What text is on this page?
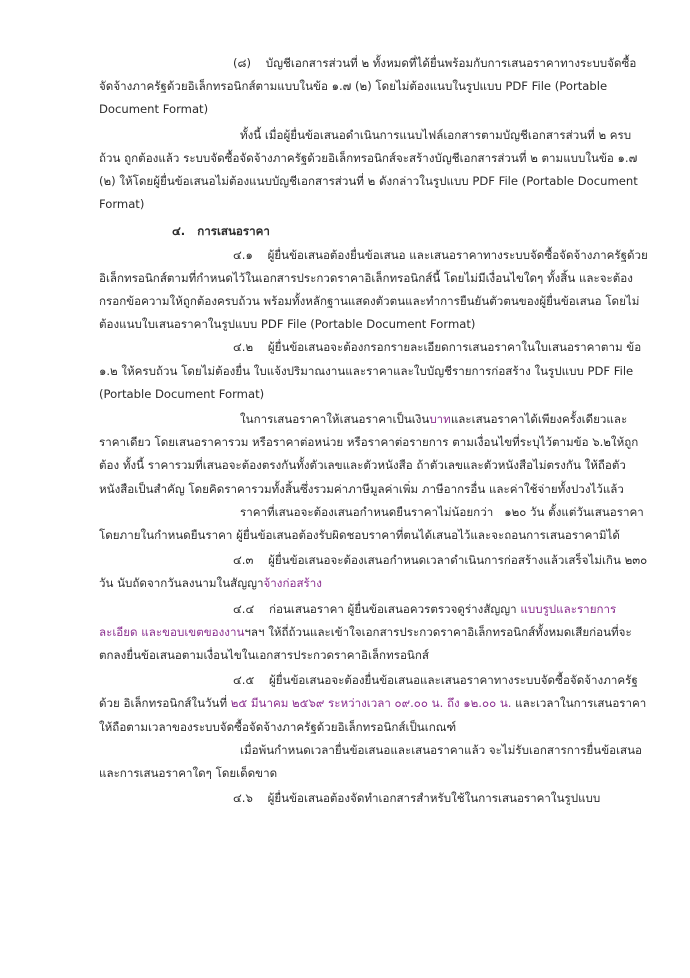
(๘) บัญชีเอกสารส่วนที่ ๒ ทั้งหมดที่ได้ยื่นพร้อมกับการเสนอราคาทางระบบจัดซื้อจัดจ้างภาครัฐด้วยอิเล็กทรอนิกส์ตามแบบในข้อ ๑.๗ (๒) โดยไม่ต้องแนบในรูปแบบ PDF File (Portable Document Format)

ทั้งนี้ เมื่อผู้ยื่นข้อเสนอดำเนินการแนบไฟล์เอกสารตามบัญชีเอกสารส่วนที่ ๒ ครบถ้วน ถูกต้องแล้ว ระบบจัดซื้อจัดจ้างภาครัฐด้วยอิเล็กทรอนิกส์จะสร้างบัญชีเอกสารส่วนที่ ๒ ตามแบบในข้อ ๑.๗ (๒) ให้โดยผู้ยื่นข้อเสนอไม่ต้องแนบบัญชีเอกสารส่วนที่ ๒ ดังกล่าวในรูปแบบ PDF File (Portable Document Format)

๔. การเสนอราคา

๔.๑ ผู้ยื่นข้อเสนอต้องยื่นข้อเสนอ และเสนอราคาทางระบบจัดซื้อจัดจ้างภาครัฐด้วยอิเล็กทรอนิกส์ตามที่กำหนดไว้ในเอกสารประกวดราคาอิเล็กทรอนิกส์นี้ โดยไม่มีเงื่อนไขใดๆ ทั้งสิ้น และจะต้องกรอกข้อความให้ถูกต้องครบถ้วน พร้อมทั้งหลักฐานแสดงตัวตนและทำการยืนยันตัวตนของผู้ยื่นข้อเสนอ โดยไม่ต้องแนบใบเสนอราคาในรูปแบบ PDF File (Portable Document Format)

๔.๒ ผู้ยื่นข้อเสนอจะต้องกรอกรายละเอียดการเสนอราคาในใบเสนอราคาตาม ข้อ ๑.๒ ให้ครบถ้วน โดยไม่ต้องยื่น ใบแจ้งปริมาณงานและราคาและใบบัญชีรายการก่อสร้าง ในรูปแบบ PDF File (Portable Document Format)

ในการเสนอราคาให้เสนอราคาเป็นเงินบาทและเสนอราคาได้เพียงครั้งเดียวและราคาเดียว โดยเสนอราคารวม หรือราคาต่อหน่วย หรือราคาต่อรายการ ตามเงื่อนไขที่ระบุไว้ตามข้อ ๖.๒ให้ถูกต้อง ทั้งนี้ ราคารวมที่เสนอจะต้องตรงกันทั้งตัวเลขและตัวหนังสือ ถ้าตัวเลขและตัวหนังสือไม่ตรงกัน ให้ถือตัวหนังสือเป็นสำคัญ โดยคิดราคารวมทั้งสิ้นซึ่งรวมค่าภาษีมูลค่าเพิ่ม ภาษีอากรอื่น และค่าใช้จ่ายทั้งปวงไว้แล้ว

ราคาที่เสนอจะต้องเสนอกำหนดยืนราคาไม่น้อยกว่า ๑๒๐ วัน ตั้งแต่วันเสนอราคาโดยภายในกำหนดยืนราคา ผู้ยื่นข้อเสนอต้องรับผิดชอบราคาที่ตนได้เสนอไว้และจะถอนการเสนอราคามิได้

๔.๓ ผู้ยื่นข้อเสนอจะต้องเสนอกำหนดเวลาดำเนินการก่อสร้างแล้วเสร็จไม่เกิน ๒๓๐ วัน นับถัดจากวันลงนามในสัญญาจ้างก่อสร้าง

๔.๔ ก่อนเสนอราคา ผู้ยื่นข้อเสนอควรตรวจดูร่างสัญญา แบบรูปและรายการละเอียด และขอบเขตของงานฯลฯ ให้ถี่ถ้วนและเข้าใจเอกสารประกวดราคาอิเล็กทรอนิกส์ทั้งหมดเสียก่อนที่จะตกลงยื่นข้อเสนอตามเงื่อนไขในเอกสารประกวดราคาอิเล็กทรอนิกส์

๔.๕ ผู้ยื่นข้อเสนอจะต้องยื่นข้อเสนอและเสนอราคาทางระบบจัดซื้อจัดจ้างภาครัฐด้วย อิเล็กทรอนิกส์ในวันที่ ๒๕ มีนาคม ๒๕๖๙ ระหว่างเวลา ๐๙.๐๐ น. ถึง ๑๒.๐๐ น. และเวลาในการเสนอราคาให้ถือตามเวลาของระบบจัดซื้อจัดจ้างภาครัฐด้วยอิเล็กทรอนิกส์เป็นเกณฑ์

เมื่อพ้นกำหนดเวลายื่นข้อเสนอและเสนอราคาแล้ว จะไม่รับเอกสารการยื่นข้อเสนอ และการเสนอราคาใดๆ โดยเด็ดขาด

๔.๖ ผู้ยื่นข้อเสนอต้องจัดทำเอกสารสำหรับใช้ในการเสนอราคาในรูปแบบ
